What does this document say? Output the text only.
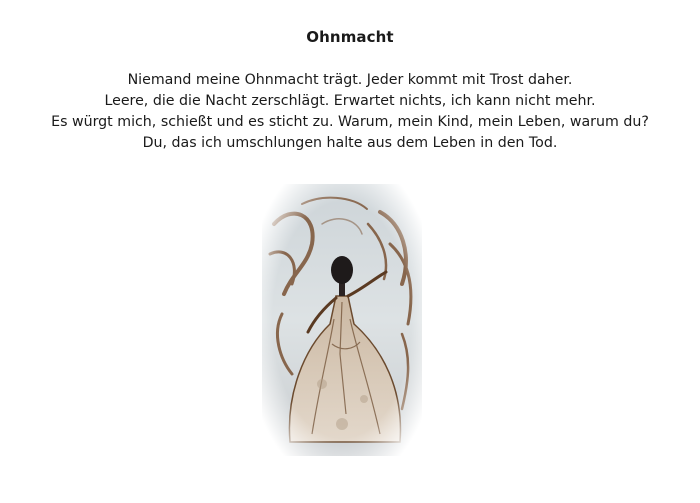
Ohnmacht
Niemand meine Ohnmacht trägt. Jeder kommt mit Trost daher.
Leere, die die Nacht zerschlägt. Erwartet nichts, ich kann nicht mehr.
Es würgt mich, schießt und es sticht zu. Warum, mein Kind, mein Leben, warum du?
Du, das ich umschlungen halte aus dem Leben in den Tod.
